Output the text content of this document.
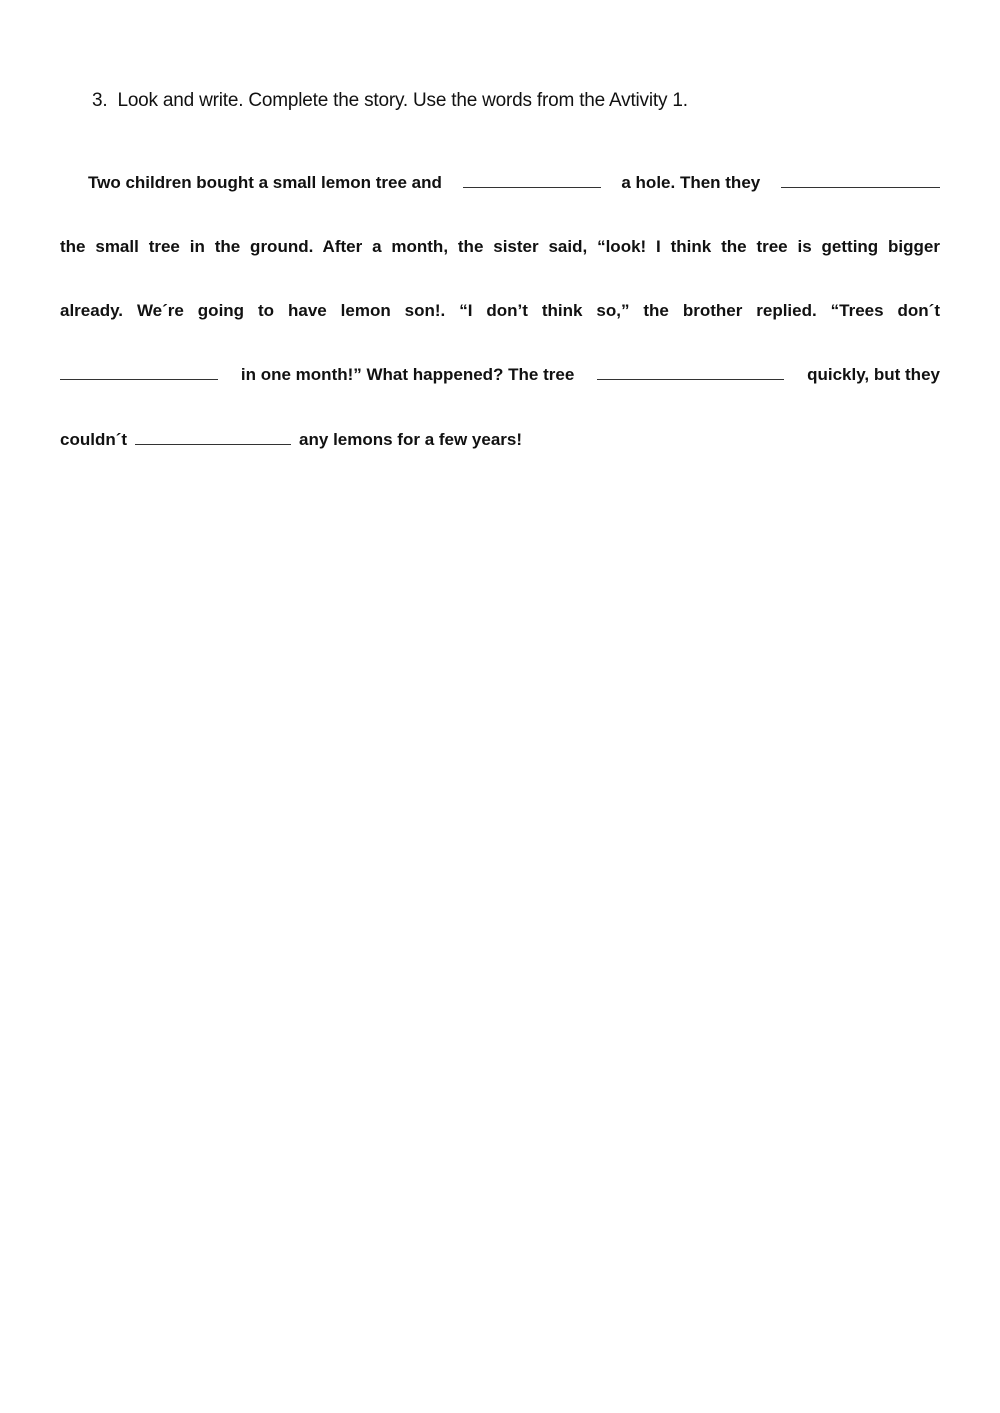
3. Look and write. Complete the story. Use the words from the Avtivity 1.
Two children bought a small lemon tree and	a hole. Then they
the small tree in the ground. After a month, the sister said, “look! I think the tree is getting bigger
already. We´re going to have lemon son!. “I don’t think so,” the brother replied. “Trees don´t
in one month!” What happened? The tree	quickly, but they
couldn´t	any lemons for a few years!
